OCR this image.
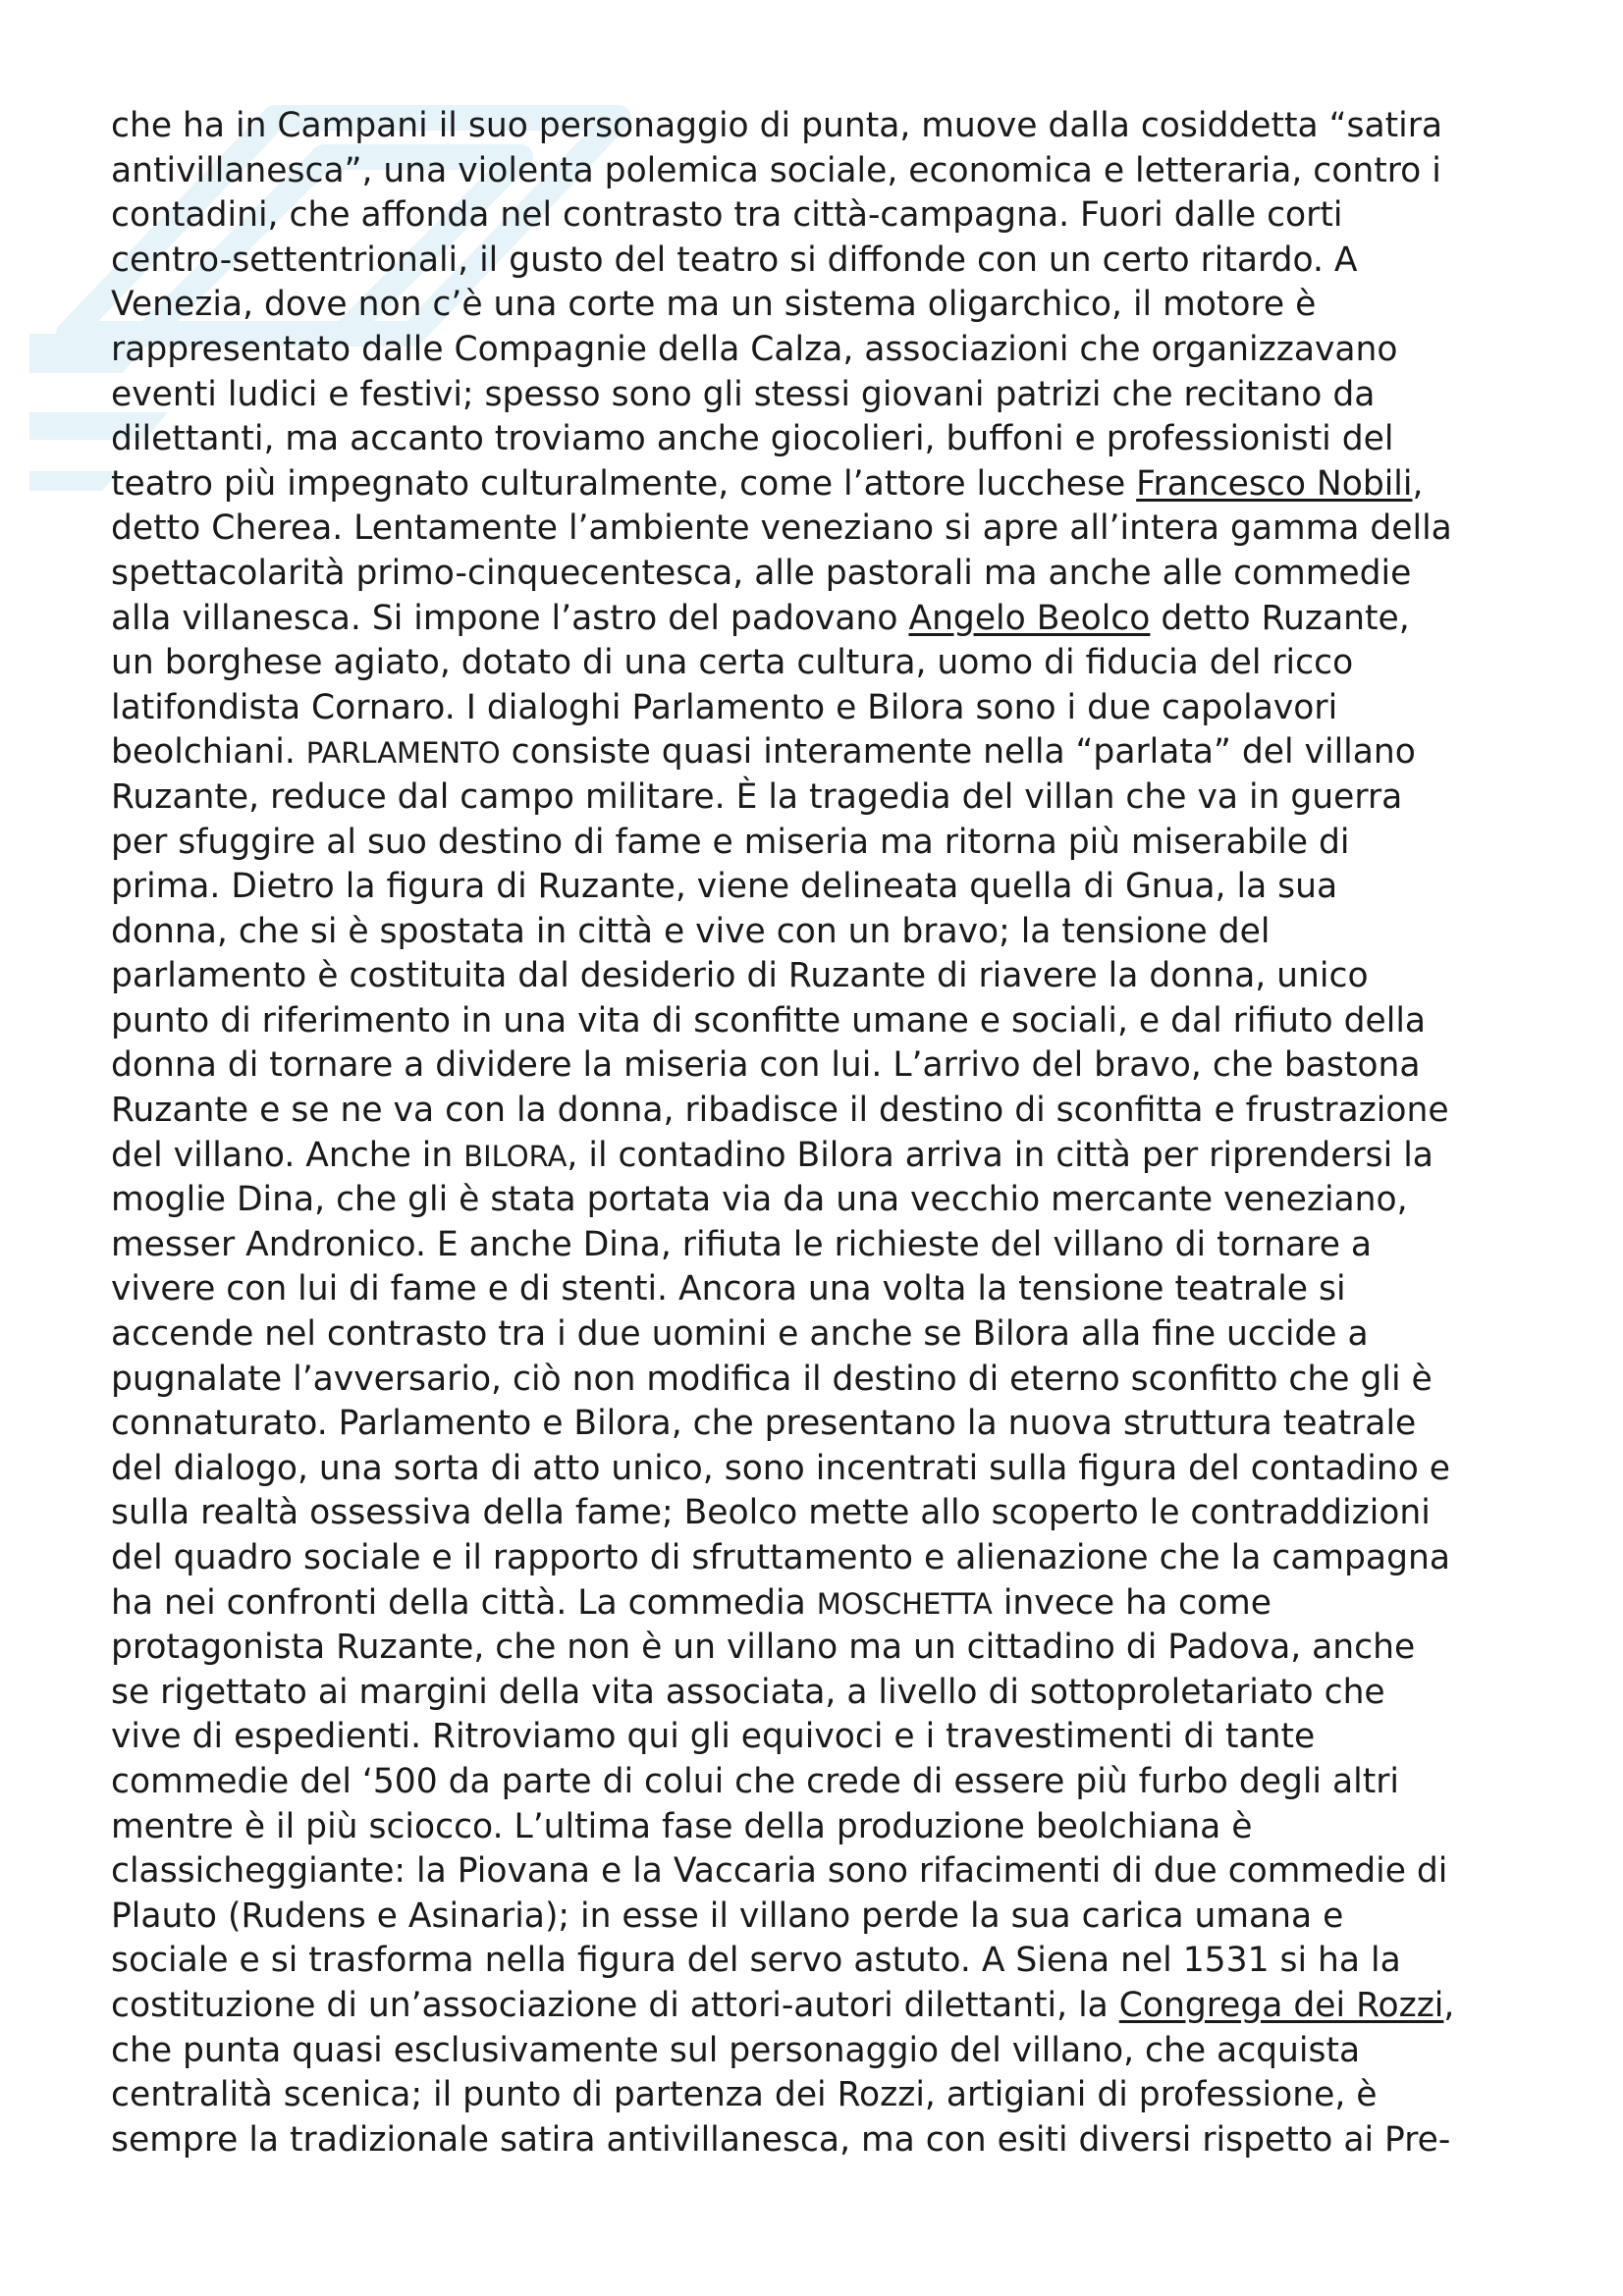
che ha in Campani il suo personaggio di punta, muove dalla cosiddetta “satira
antivillanesca”, una violenta polemica sociale, economica e letteraria, contro i
contadini, che affonda nel contrasto tra città-campagna. Fuori dalle corti
centro-settentrionali, il gusto del teatro si diffonde con un certo ritardo. A
Venezia, dove non c’è una corte ma un sistema oligarchico, il motore è
rappresentato dalle Compagnie della Calza, associazioni che organizzavano
eventi ludici e festivi; spesso sono gli stessi giovani patrizi che recitano da
dilettanti, ma accanto troviamo anche giocolieri, buffoni e professionisti del
teatro più impegnato culturalmente, come l’attore lucchese Francesco Nobili,
detto Cherea. Lentamente l’ambiente veneziano si apre all’intera gamma della
spettacolarità primo-cinquecentesca, alle pastorali ma anche alle commedie
alla villanesca. Si impone l’astro del padovano Angelo Beolco detto Ruzante,
un borghese agiato, dotato di una certa cultura, uomo di fiducia del ricco
latifondista Cornaro. I dialoghi Parlamento e Bilora sono i due capolavori
beolchiani. PARLAMENTO consiste quasi interamente nella “parlata” del villano
Ruzante, reduce dal campo militare. È la tragedia del villan che va in guerra
per sfuggire al suo destino di fame e miseria ma ritorna più miserabile di
prima. Dietro la figura di Ruzante, viene delineata quella di Gnua, la sua
donna, che si è spostata in città e vive con un bravo; la tensione del
parlamento è costituita dal desiderio di Ruzante di riavere la donna, unico
punto di riferimento in una vita di sconfitte umane e sociali, e dal rifiuto della
donna di tornare a dividere la miseria con lui. L’arrivo del bravo, che bastona
Ruzante e se ne va con la donna, ribadisce il destino di sconfitta e frustrazione
del villano. Anche in BILORA, il contadino Bilora arriva in città per riprendersi la
moglie Dina, che gli è stata portata via da una vecchio mercante veneziano,
messer Andronico. E anche Dina, rifiuta le richieste del villano di tornare a
vivere con lui di fame e di stenti. Ancora una volta la tensione teatrale si
accende nel contrasto tra i due uomini e anche se Bilora alla fine uccide a
pugnalate l’avversario, ciò non modifica il destino di eterno sconfitto che gli è
connaturato. Parlamento e Bilora, che presentano la nuova struttura teatrale
del dialogo, una sorta di atto unico, sono incentrati sulla figura del contadino e
sulla realtà ossessiva della fame; Beolco mette allo scoperto le contraddizioni
del quadro sociale e il rapporto di sfruttamento e alienazione che la campagna
ha nei confronti della città. La commedia MOSCHETTA invece ha come
protagonista Ruzante, che non è un villano ma un cittadino di Padova, anche
se rigettato ai margini della vita associata, a livello di sottoproletariato che
vive di espedienti. Ritroviamo qui gli equivoci e i travestimenti di tante
commedie del ‘500 da parte di colui che crede di essere più furbo degli altri
mentre è il più sciocco. L’ultima fase della produzione beolchiana è
classicheggiante: la Piovana e la Vaccaria sono rifacimenti di due commedie di
Plauto (Rudens e Asinaria); in esse il villano perde la sua carica umana e
sociale e si trasforma nella figura del servo astuto. A Siena nel 1531 si ha la
costituzione di un’associazione di attori-autori dilettanti, la Congrega dei Rozzi,
che punta quasi esclusivamente sul personaggio del villano, che acquista
centralità scenica; il punto di partenza dei Rozzi, artigiani di professione, è
sempre la tradizionale satira antivillanesca, ma con esiti diversi rispetto ai Pre-
